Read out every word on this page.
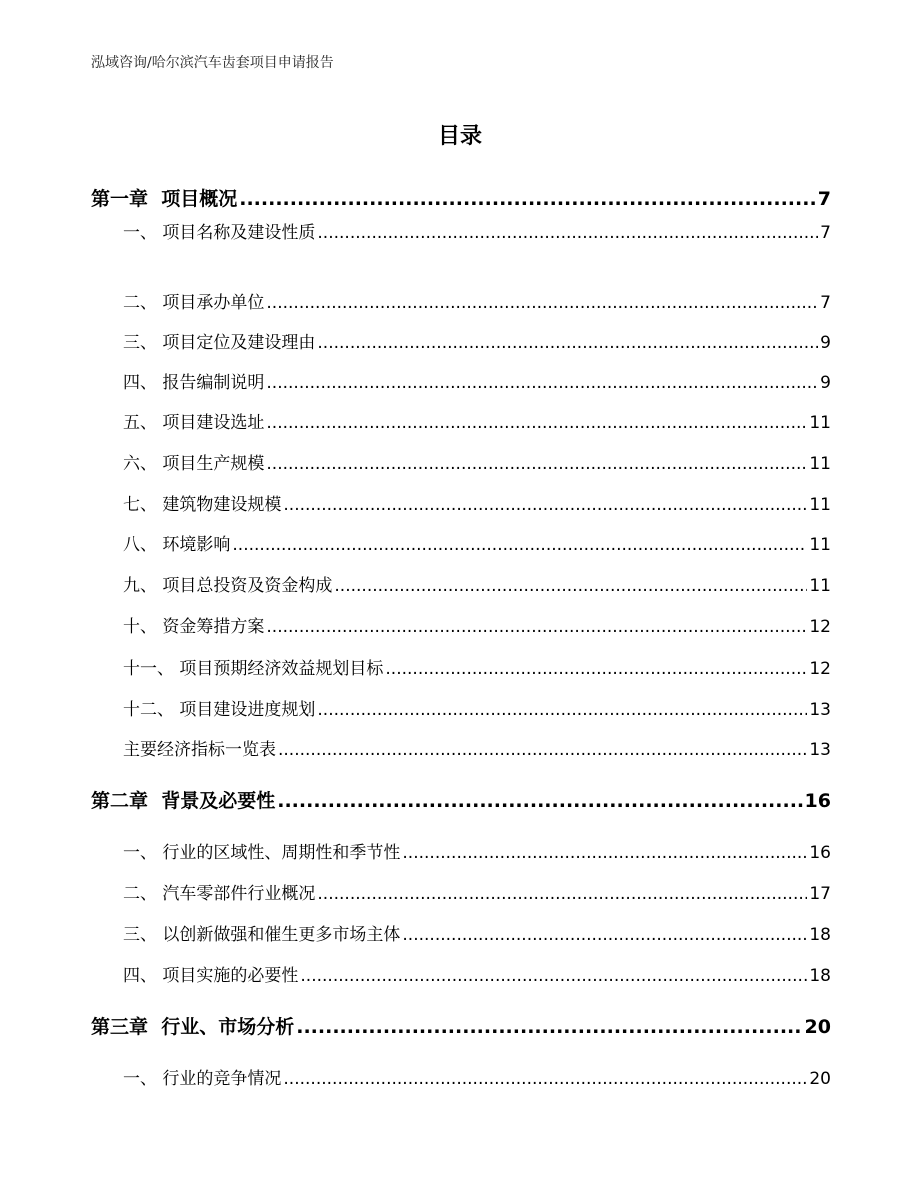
泓域咨询/哈尔滨汽车齿套项目申请报告
目录
第一章  项目概况 .....	7
一、 项目名称及建设性质 .....	7
二、 项目承办单位 .....	7
三、 项目定位及建设理由 .....	9
四、 报告编制说明 .....	9
五、 项目建设选址 .....	11
六、 项目生产规模 .....	11
七、 建筑物建设规模 .....	11
八、 环境影响 .....	11
九、 项目总投资及资金构成 .....	11
十、 资金筹措方案 .....	12
十一、 项目预期经济效益规划目标 .....	12
十二、 项目建设进度规划 .....	13
主要经济指标一览表 .....	13
第二章  背景及必要性 .....	16
一、 行业的区域性、周期性和季节性 .....	16
二、 汽车零部件行业概况 .....	17
三、 以创新做强和催生更多市场主体 .....	18
四、 项目实施的必要性 .....	18
第三章  行业、市场分析 .....	20
一、 行业的竞争情况 .....	20
